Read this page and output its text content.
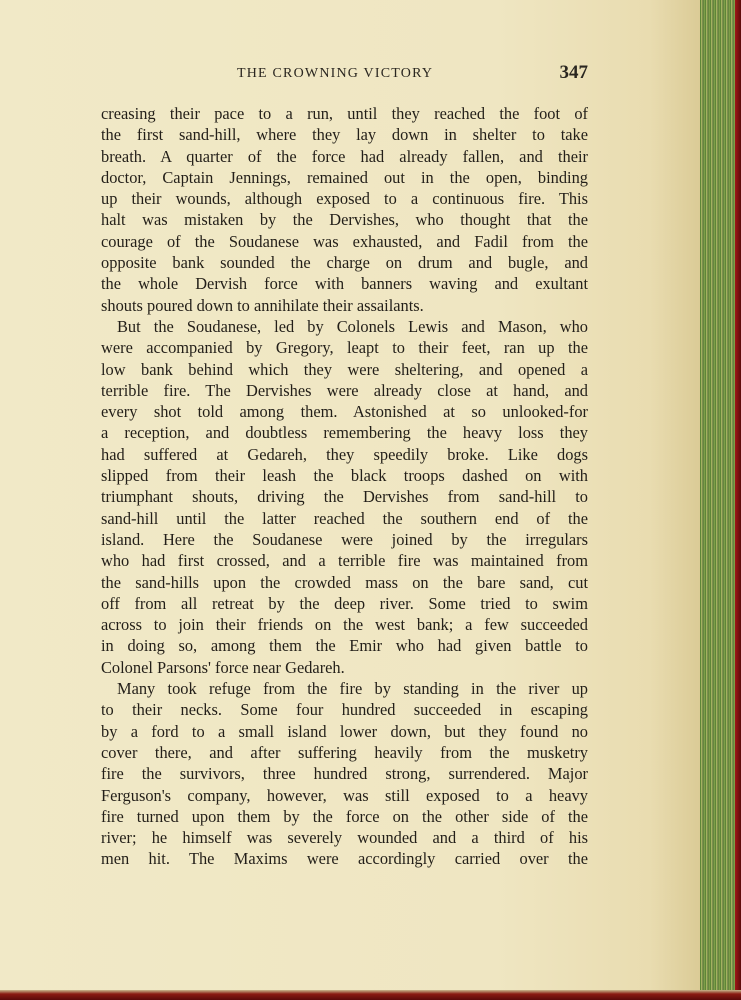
THE CROWNING VICTORY	347
creasing their pace to a run, until they reached the foot of
the first sand-hill, where they lay down in shelter to take
breath. A quarter of the force had already fallen, and their
doctor, Captain Jennings, remained out in the open, binding
up their wounds, although exposed to a continuous fire. This
halt was mistaken by the Dervishes, who thought that the
courage of the Soudanese was exhausted, and Fadil from the
opposite bank sounded the charge on drum and bugle, and
the whole Dervish force with banners waving and exultant
shouts poured down to annihilate their assailants.
But the Soudanese, led by Colonels Lewis and Mason, who
were accompanied by Gregory, leapt to their feet, ran up the
low bank behind which they were sheltering, and opened a
terrible fire. The Dervishes were already close at hand, and
every shot told among them. Astonished at so unlooked-for
a reception, and doubtless remembering the heavy loss they
had suffered at Gedareh, they speedily broke. Like dogs
slipped from their leash the black troops dashed on with
triumphant shouts, driving the Dervishes from sand-hill to
sand-hill until the latter reached the southern end of the
island. Here the Soudanese were joined by the irregulars
who had first crossed, and a terrible fire was maintained from
the sand-hills upon the crowded mass on the bare sand, cut
off from all retreat by the deep river. Some tried to swim
across to join their friends on the west bank; a few succeeded
in doing so, among them the Emir who had given battle to
Colonel Parsons' force near Gedareh.
Many took refuge from the fire by standing in the river up
to their necks. Some four hundred succeeded in escaping
by a ford to a small island lower down, but they found no
cover there, and after suffering heavily from the musketry
fire the survivors, three hundred strong, surrendered. Major
Ferguson's company, however, was still exposed to a heavy
fire turned upon them by the force on the other side of the
river; he himself was severely wounded and a third of his
men hit. The Maxims were accordingly carried over the
